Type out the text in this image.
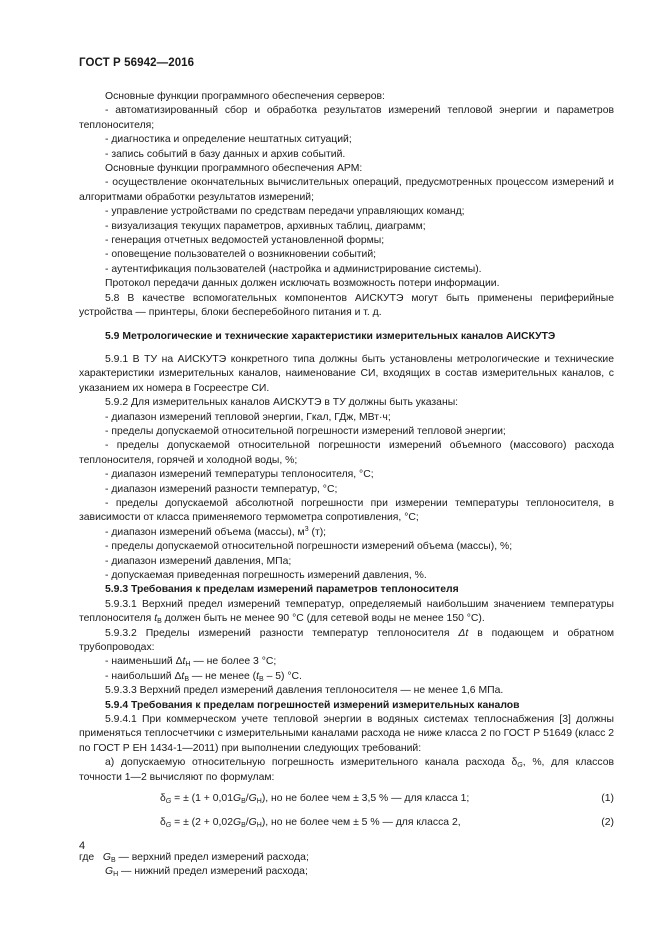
ГОСТ Р 56942—2016

Основные функции программного обеспечения серверов:

- автоматизированный сбор и обработка результатов измерений тепловой энергии и параметров теплоносителя;

- диагностика и определение нештатных ситуаций;

- запись событий в базу данных и архив событий.

Основные функции программного обеспечения АРМ:

- осуществление окончательных вычислительных операций, предусмотренных процессом измерений и алгоритмами обработки результатов измерений;

- управление устройствами по средствам передачи управляющих команд;

- визуализация текущих параметров, архивных таблиц, диаграмм;

- генерация отчетных ведомостей установленной формы;

- оповещение пользователей о возникновении событий;

- аутентификация пользователей (настройка и администрирование системы).

Протокол передачи данных должен исключать возможность потери информации.

5.8 В качестве вспомогательных компонентов АИСКУТЭ могут быть применены периферийные устройства — принтеры, блоки бесперебойного питания и т. д.

5.9 Метрологические и технические характеристики измерительных каналов АИСКУТЭ

5.9.1 В ТУ на АИСКУТЭ конкретного типа должны быть установлены метрологические и технические характеристики измерительных каналов, наименование СИ, входящих в состав измерительных каналов, с указанием их номера в Госреестре СИ.

5.9.2 Для измерительных каналов АИСКУТЭ в ТУ должны быть указаны:

- диапазон измерений тепловой энергии, Гкал, ГДж, МВт·ч;

- пределы допускаемой относительной погрешности измерений тепловой энергии;

- пределы допускаемой относительной погрешности измерений объемного (массового) расхода теплоносителя, горячей и холодной воды, %;

- диапазон измерений температуры теплоносителя, °С;

- диапазон измерений разности температур, °С;

- пределы допускаемой абсолютной погрешности при измерении температуры теплоносителя, в зависимости от класса применяемого термометра сопротивления, °С;

- диапазон измерений объема (массы), $м^3$ (т);

- пределы допускаемой относительной погрешности измерений объема (массы), %;

- диапазон измерений давления, МПа;

- допускаемая приведенная погрешность измерений давления, %.

5.9.3 Требования к пределам измерений параметров теплоносителя

5.9.3.1 Верхний предел измерений температур, определяемый наибольшим значением температуры теплоносителя $t_В$ должен быть не менее 90 °С (для сетевой воды не менее 150 °С).

5.9.3.2 Пределы измерений разности температур теплоносителя Δt в подающем и обратном трубопроводах:

- наименьший $\Delta t_Н$ — не более 3 °С;

- наибольший $\Delta t_В$ — не менее $(t_В - 5)$ °С.

5.9.3.3 Верхний предел измерений давления теплоносителя — не менее 1,6 МПа.

5.9.4 Требования к пределам погрешностей измерений измерительных каналов

5.9.4.1 При коммерческом учете тепловой энергии в водяных системах теплоснабжения [3] должны применяться теплосчетчики с измерительными каналами расхода не ниже класса 2 по ГОСТ Р 51649 (класс 2 по ГОСТ Р ЕН 1434-1—2011) при выполнении следующих требований:

а) допускаемую относительную погрешность измерительного канала расхода $\delta_G$, %, для классов точности 1—2 вычисляют по формулам:

$\delta_G$ = ± $(1 + 0,01G_В/G_Н)$, но не более чем ± 3,5 % — для класса 1;	(1)
$\delta_G$ = ± $(2 + 0,02G_В/G_Н)$, но не более чем ± 5 % — для класса 2,	(2)
где $G_В$ — верхний предел измерений расхода;
$G_Н$ — нижний предел измерений расхода;
4
